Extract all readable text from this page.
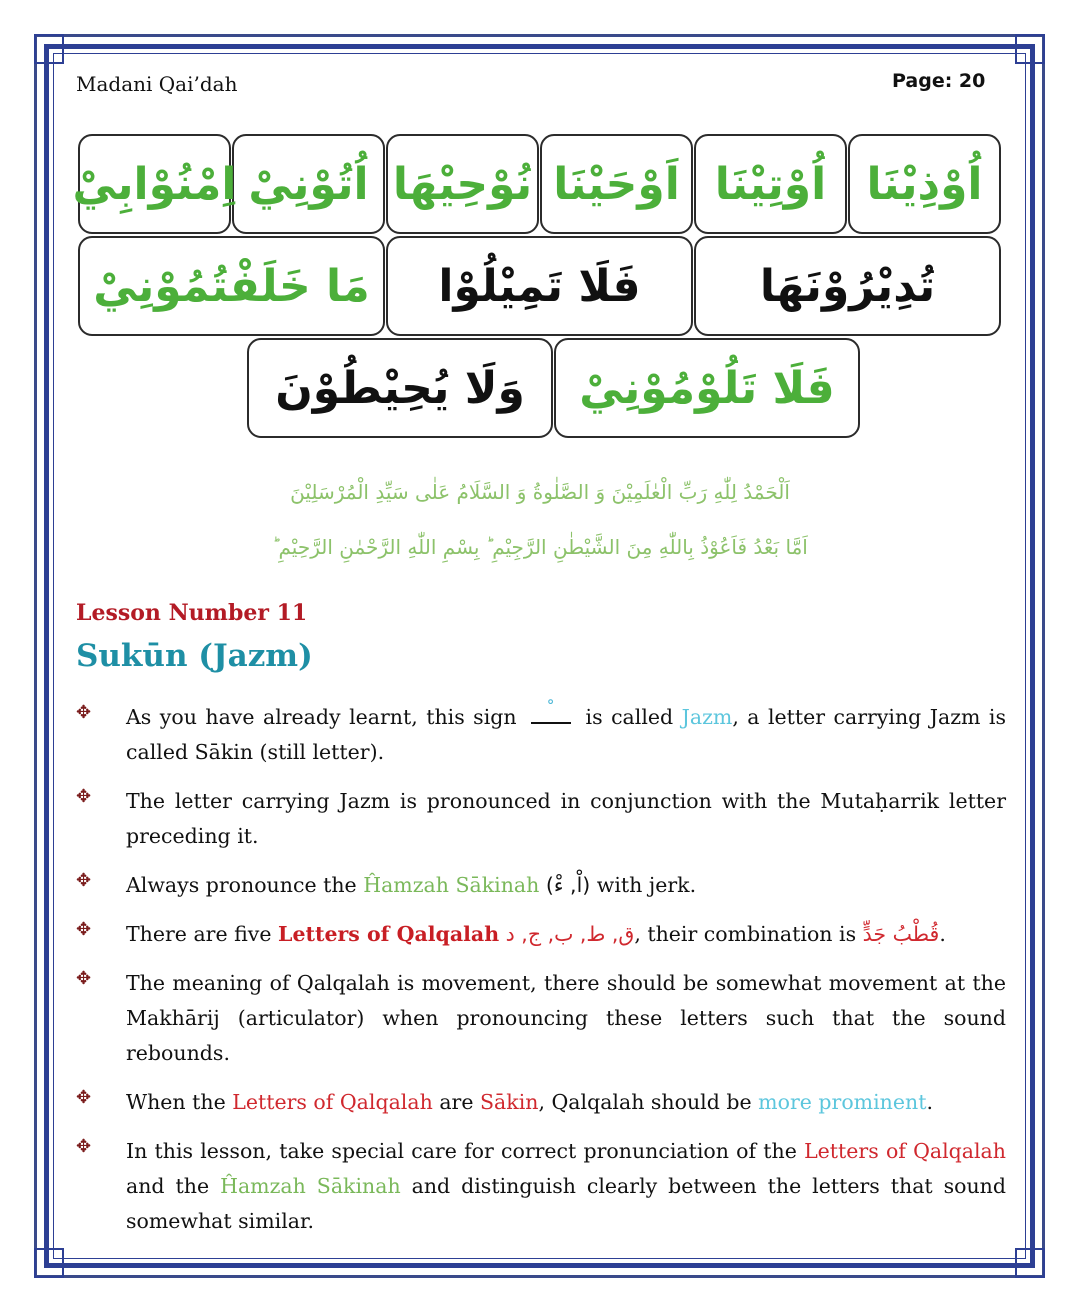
Madani Qai’dah	Page: 20
اُوْذِيْنَا
اُوْتِيْنَا
اَوْحَيْنَا
نُوْحِيْهَا
اُتُوْنِيْ
اِمْنُوْابِيْ
تُدِيْرُوْنَهَا
فَلَا تَمِيْلُوْا
مَا خَلَفْتُمُوْنِيْ
فَلَا تَلُوْمُوْنِيْ
وَلَا يُحِيْطُوْنَ
اَلْحَمْدُ لِلّٰهِ رَبِّ الْعٰلَمِيْنَ وَ الصَّلٰوةُ وَ السَّلَامُ عَلٰى سَيِّدِ الْمُرْسَلِيْنَ
اَمَّا بَعْدُ فَاَعُوْذُ بِاللّٰهِ مِنَ الشَّيْطٰنِ الرَّجِيْمِ ؕ بِسْمِ اللّٰهِ الرَّحْمٰنِ الرَّحِيْمِ ؕ
Lesson Number 11
Sukūn (Jazm)
✥	As you have already learnt, this sign	is called Jazm, a letter carrying Jazm is called Sākin (still letter).
✥	The letter carrying Jazm is pronounced in conjunction with the Mutaḥarrik letter preceding it.
✥	Always pronounce the Ĥamzah Sākinah (اْ, ءْ) with jerk.
✥	There are five Letters of Qalqalah ق, ط, ب, ج, د, their combination is قُطْبُ جَدٍّ.
✥	The meaning of Qalqalah is movement, there should be somewhat movement at the Makhārij (articulator) when pronouncing these letters such that the sound rebounds.
✥	When the Letters of Qalqalah are Sākin, Qalqalah should be more prominent.
✥	In this lesson, take special care for correct pronunciation of the Letters of Qalqalah and the Ĥamzah Sākinah and distinguish clearly between the letters that sound somewhat similar.
